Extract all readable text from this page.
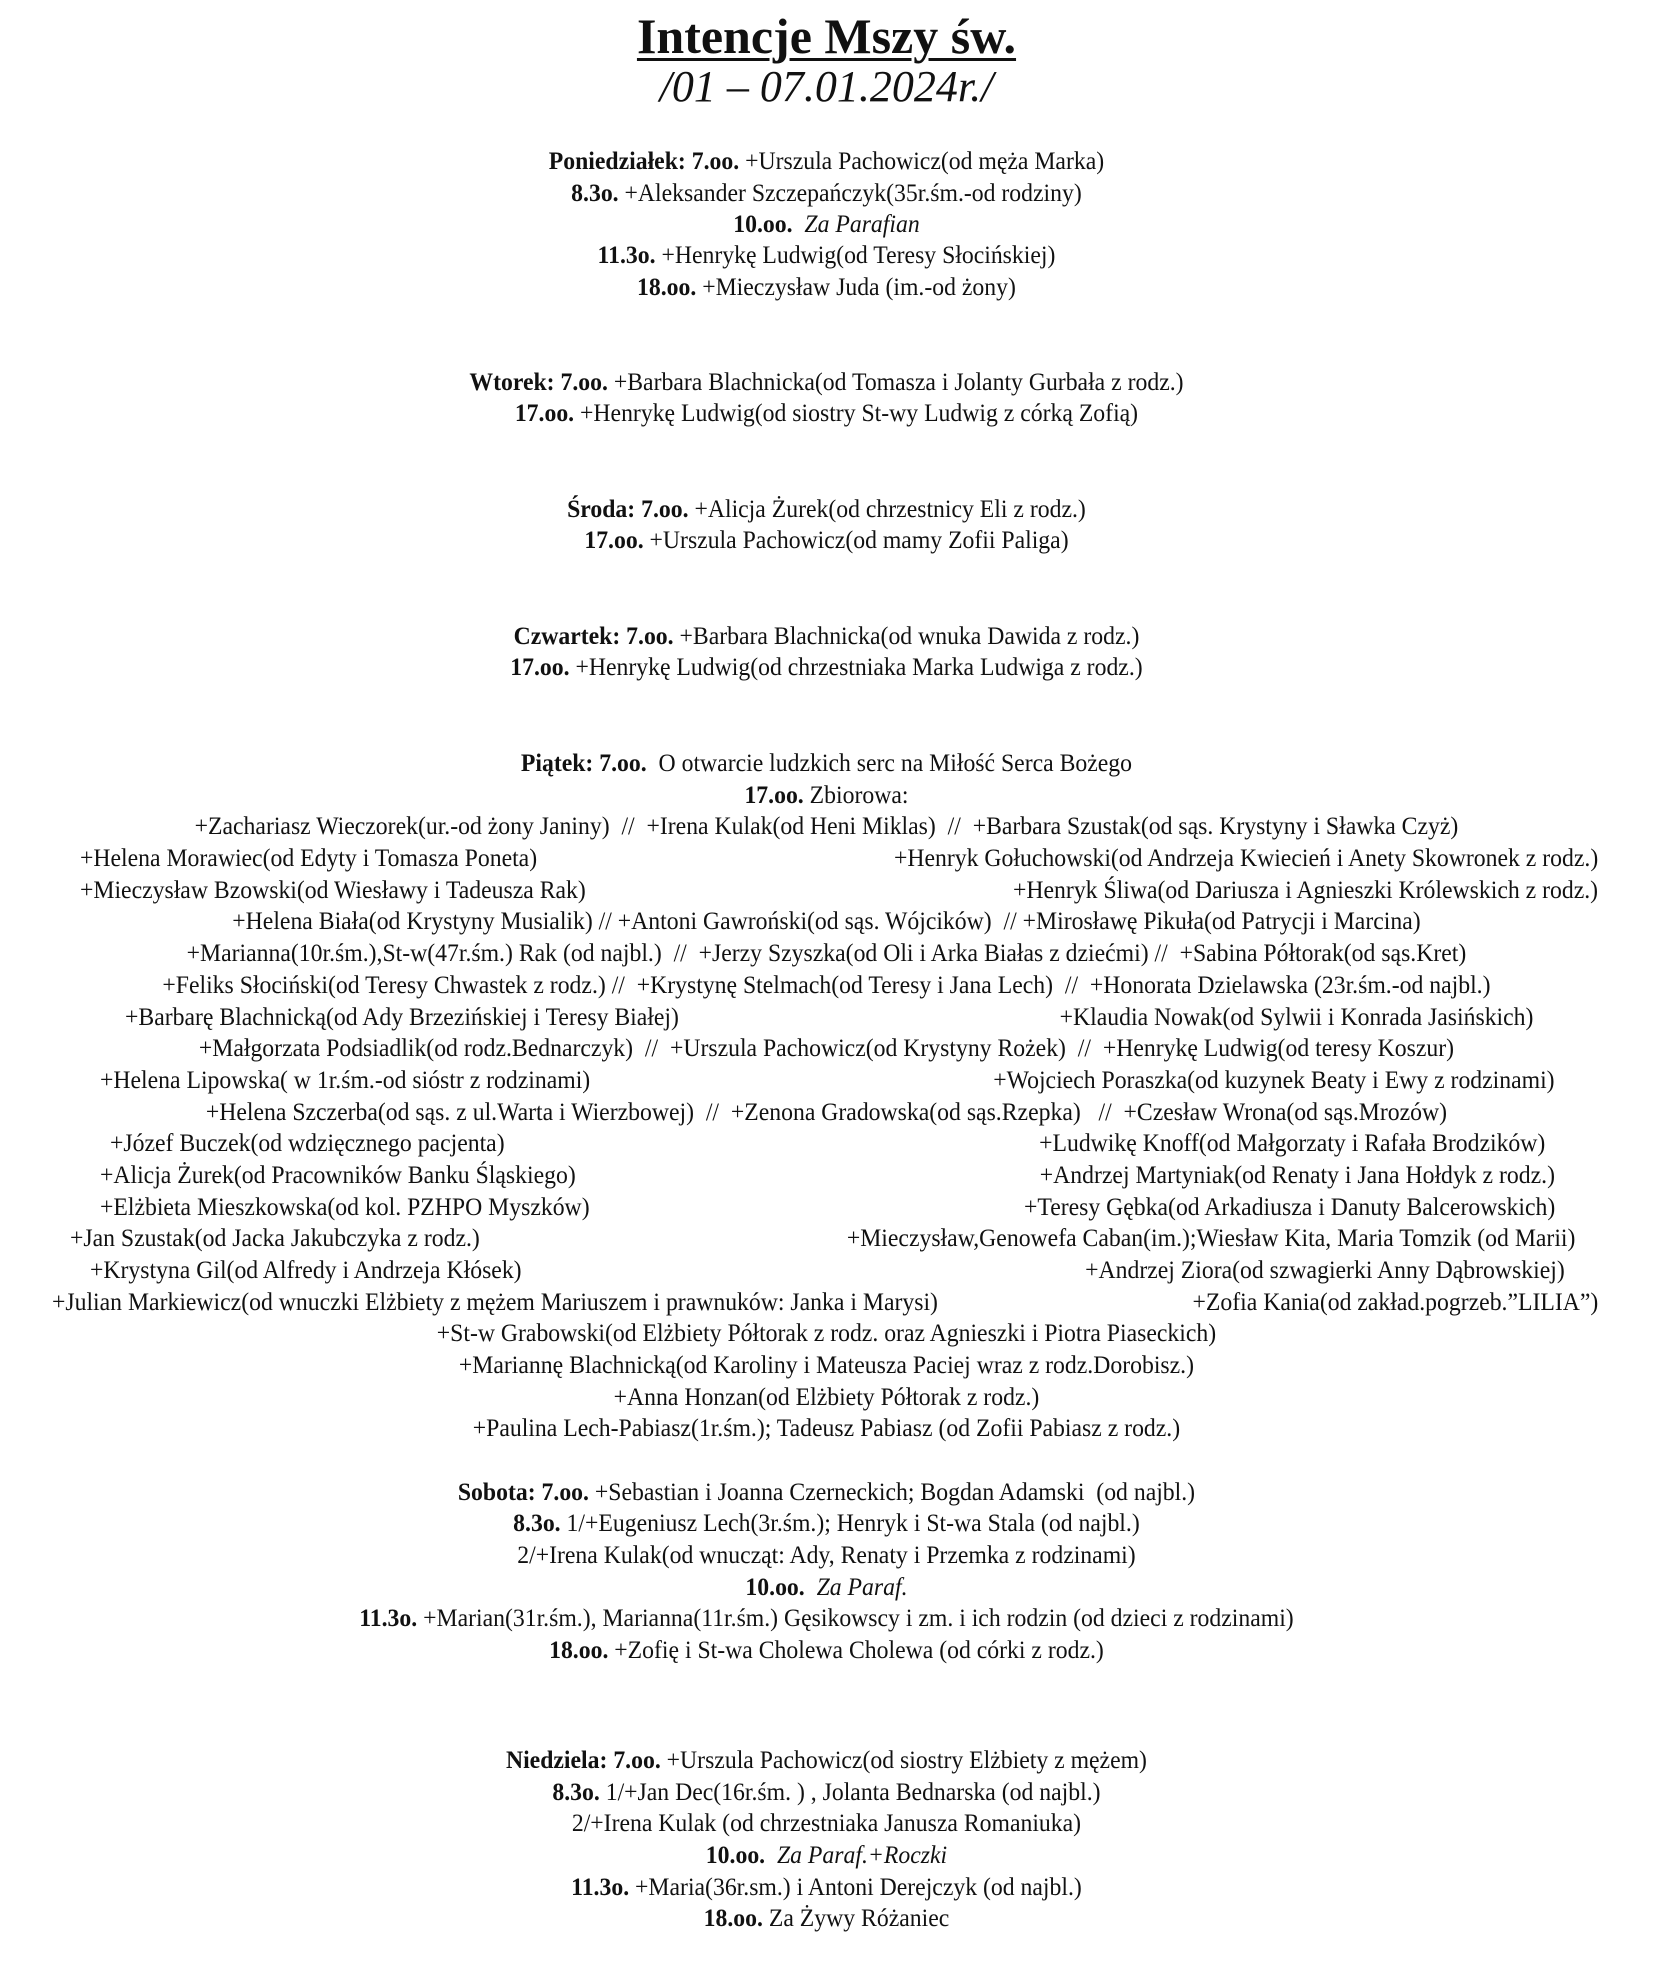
Intencje Mszy św.
/01 – 07.01.2024r./
Poniedziałek: 7.oo. +Urszula Pachowicz(od męża Marka)
8.3o. +Aleksander Szczepańczyk(35r.śm.-od rodziny)
10.oo. Za Parafian
11.3o. +Henrykę Ludwig(od Teresy Słocińskiej)
18.oo. +Mieczysław Juda (im.-od żony)
Wtorek: 7.oo. +Barbara Blachnicka(od Tomasza i Jolanty Gurbała z rodz.)
17.oo. +Henrykę Ludwig(od siostry St-wy Ludwig z córką Zofią)
Środa: 7.oo. +Alicja Żurek(od chrzestnicy Eli z rodz.)
17.oo. +Urszula Pachowicz(od mamy Zofii Paliga)
Czwartek: 7.oo. +Barbara Blachnicka(od wnuka Dawida z rodz.)
17.oo. +Henrykę Ludwig(od chrzestniaka Marka Ludwiga z rodz.)
Piątek: 7.oo. O otwarcie ludzkich serc na Miłość Serca Bożego
17.oo. Zbiorowa:
+Zachariasz Wieczorek(ur.-od żony Janiny)  //  +Irena Kulak(od Heni Miklas)  //  +Barbara Szustak(od sąs. Krystyny i Sławka Czyż)
+Helena Morawiec(od Edyty i Tomasza Poneta)	+Henryk Gołuchowski(od Andrzeja Kwiecień i Anety Skowronek z rodz.)
+Mieczysław Bzowski(od Wiesławy i Tadeusza Rak)	+Henryk Śliwa(od Dariusza i Agnieszki Królewskich z rodz.)
+Helena Biała(od Krystyny Musialik) // +Antoni Gawroński(od sąs. Wójcików)  // +Mirosławę Pikuła(od Patrycji i Marcina)
+Marianna(10r.śm.),St-w(47r.śm.) Rak (od najbl.)  //  +Jerzy Szyszka(od Oli i Arka Białas z dziećmi) //  +Sabina Półtorak(od sąs.Kret)
+Feliks Słociński(od Teresy Chwastek z rodz.) //  +Krystynę Stelmach(od Teresy i Jana Lech)  //  +Honorata Dzielawska (23r.śm.-od najbl.)
+Barbarę Blachnicką(od Ady Brzezińskiej i Teresy Białej)	+Klaudia Nowak(od Sylwii i Konrada Jasińskich)
+Małgorzata Podsiadlik(od rodz.Bednarczyk)  //  +Urszula Pachowicz(od Krystyny Rożek)  //  +Henrykę Ludwig(od teresy Koszur)
+Helena Lipowska( w 1r.śm.-od sióstr z rodzinami)	+Wojciech Poraszka(od kuzynek Beaty i Ewy z rodzinami)
+Helena Szczerba(od sąs. z ul.Warta i Wierzbowej)  //  +Zenona Gradowska(od sąs.Rzepka)   //  +Czesław Wrona(od sąs.Mrozów)
+Józef Buczek(od wdzięcznego pacjenta)	+Ludwikę Knoff(od Małgorzaty i Rafała Brodzików)
+Alicja Żurek(od Pracowników Banku Śląskiego)	+Andrzej Martyniak(od Renaty i Jana Hołdyk z rodz.)
+Elżbieta Mieszkowska(od kol. PZHPO Myszków)	+Teresy Gębka(od Arkadiusza i Danuty Balcerowskich)
+Jan Szustak(od Jacka Jakubczyka z rodz.)	+Mieczysław,Genowefa Caban(im.);Wiesław Kita, Maria Tomzik (od Marii)
+Krystyna Gil(od Alfredy i Andrzeja Kłósek)	+Andrzej Ziora(od szwagierki Anny Dąbrowskiej)
+Julian Markiewicz(od wnuczki Elżbiety z mężem Mariuszem i prawnuków: Janka i Marysi)	+Zofia Kania(od zakład.pogrzeb.”LILIA”)
+St-w Grabowski(od Elżbiety Półtorak z rodz. oraz Agnieszki i Piotra Piaseckich)
+Mariannę Blachnicką(od Karoliny i Mateusza Paciej wraz z rodz.Dorobisz.)
+Anna Honzan(od Elżbiety Półtorak z rodz.)
+Paulina Lech-Pabiasz(1r.śm.); Tadeusz Pabiasz (od Zofii Pabiasz z rodz.)
Sobota: 7.oo. +Sebastian i Joanna Czerneckich; Bogdan Adamski  (od najbl.)
8.3o. 1/+Eugeniusz Lech(3r.śm.); Henryk i St-wa Stala (od najbl.)
2/+Irena Kulak(od wnucząt: Ady, Renaty i Przemka z rodzinami)
10.oo. Za Paraf.
11.3o. +Marian(31r.śm.), Marianna(11r.śm.) Gęsikowscy i zm. i ich rodzin (od dzieci z rodzinami)
18.oo. +Zofię i St-wa Cholewa Cholewa (od córki z rodz.)
Niedziela: 7.oo. +Urszula Pachowicz(od siostry Elżbiety z mężem)
8.3o. 1/+Jan Dec(16r.śm. ) , Jolanta Bednarska (od najbl.)
2/+Irena Kulak (od chrzestniaka Janusza Romaniuka)
10.oo. Za Paraf.+Roczki
11.3o. +Maria(36r.sm.) i Antoni Derejczyk (od najbl.)
18.oo. Za Żywy Różaniec
